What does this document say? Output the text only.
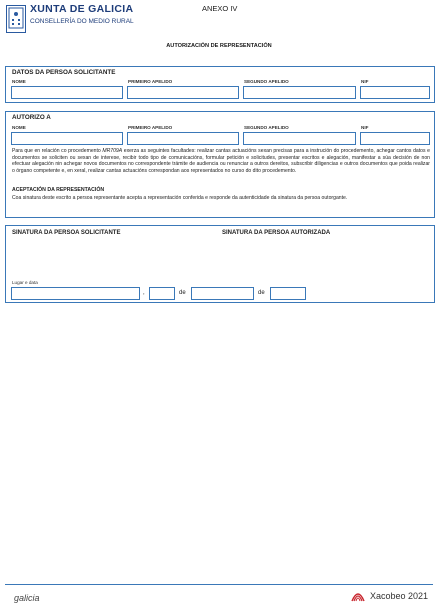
XUNTA DE GALICIA
CONSELLERÍA DO MEDIO RURAL
ANEXO IV
AUTORIZACIÓN DE REPRESENTACIÓN
DATOS DA PERSOA SOLICITANTE
NOME	PRIMEIRO APELIDO	SEGUNDO APELIDO	NIF
AUTORIZO A
NOME	PRIMEIRO APELIDO	SEGUNDO APELIDO	NIF
Para que en relación co procedemento MR709A exerza as seguintes facultades: realizar cantas actuacións sexan precisas para a instrución do procedemento, achegar cantos datos e documentos se soliciten ou sexan de interese, recibir todo tipo de comunicacións, formular petición e solicitudes, presentar escritos e alegación, manifestar a súa decisión de non efectuar alegación nin achegar novos documentos no correspondente trámite de audiencia ou renunciar a outros dereitos, subscribir diligencias e outros documentos que poida realizar o órgano competente e, en xeral, realizar cantas actuacións correspondan aos representados no curso do dito procedemento.
ACEPTACIÓN DA REPRESENTACIÓN
Coa sinatura deste escrito a persoa representante acepta a representación conferida e responde da autenticidade da sinatura da persoa outorgante.
SINATURA DA PERSOA SOLICITANTE	SINATURA DA PERSOA AUTORIZADA
Lugar e data
,	de	de
galicia	Xacobeo 2021
